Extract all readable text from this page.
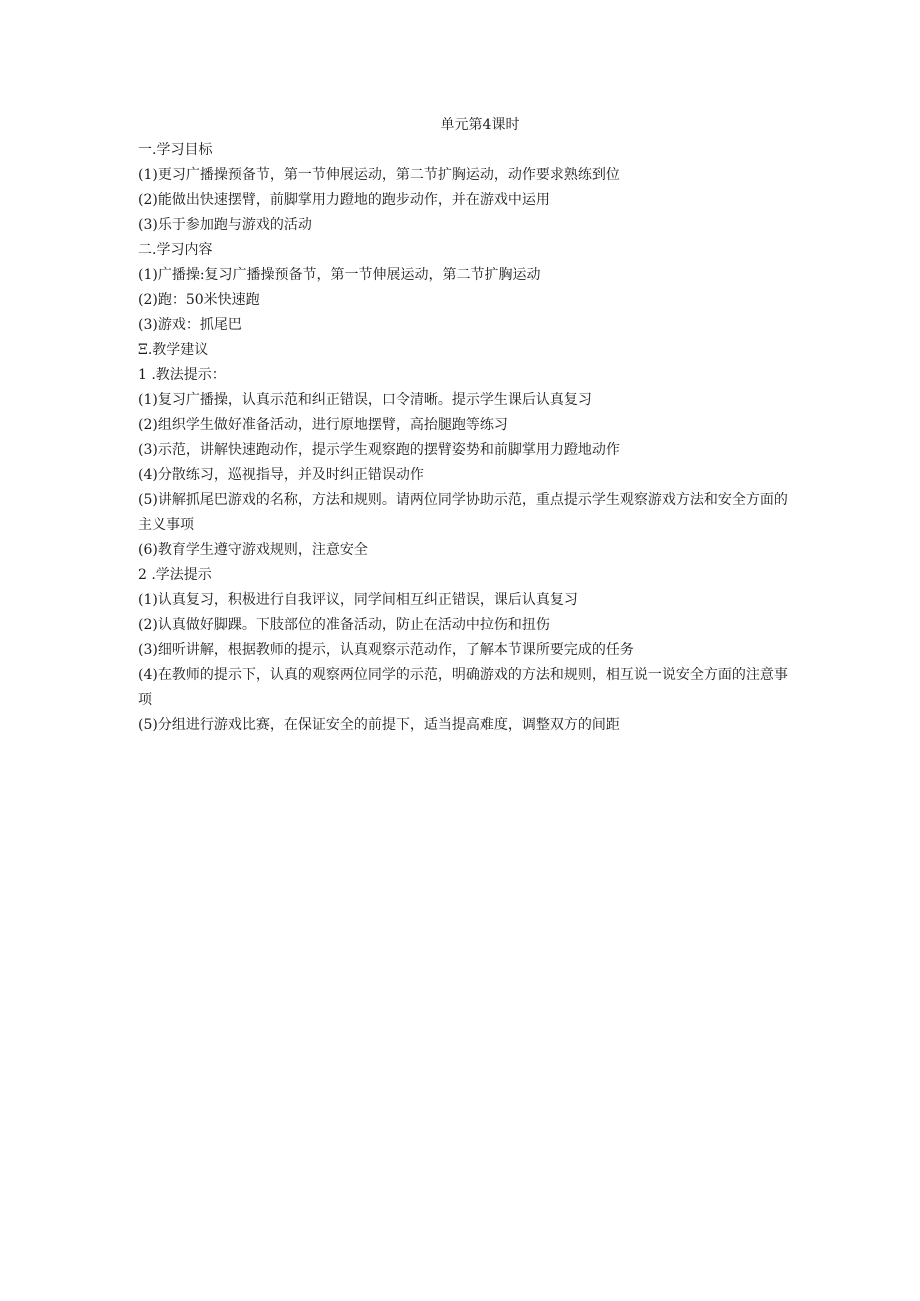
单元第4课时

一.学习目标

(1)更习广播操预备节，第一节伸展运动，第二节扩胸运动，动作要求熟练到位

(2)能做出快速摆臂，前脚掌用力蹬地的跑步动作，并在游戏中运用

(3)乐于参加跑与游戏的活动

二.学习内容

(1)广播操:复习广播操预备节，第一节伸展运动，第二节扩胸运动

(2)跑：50米快速跑

(3)游戏：抓尾巴

Ξ.教学建议

1 .教法提示：

(1)复习广播操，认真示范和纠正错误，口令清晰。提示学生课后认真复习

(2)组织学生做好准备活动，进行原地摆臂，高抬腿跑等练习

(3)示范，讲解快速跑动作，提示学生观察跑的摆臂姿势和前脚掌用力蹬地动作

(4)分散练习，巡视指导，并及时纠正错误动作

(5)讲解抓尾巴游戏的名称，方法和规则。请两位同学协助示范，重点提示学生观察游戏方法和安全方面的主义事项

(6)教育学生遵守游戏规则，注意安全

2 .学法提示

(1)认真复习，积极进行自我评议，同学间相互纠正错误，课后认真复习

(2)认真做好脚踝。下肢部位的准备活动，防止在活动中拉伤和扭伤

(3)细听讲解，根据教师的提示，认真观察示范动作，了解本节课所要完成的任务

(4)在教师的提示下，认真的观察两位同学的示范，明确游戏的方法和规则，相互说一说安全方面的注意事项

(5)分组进行游戏比赛，在保证安全的前提下，适当提高难度，调整双方的间距
